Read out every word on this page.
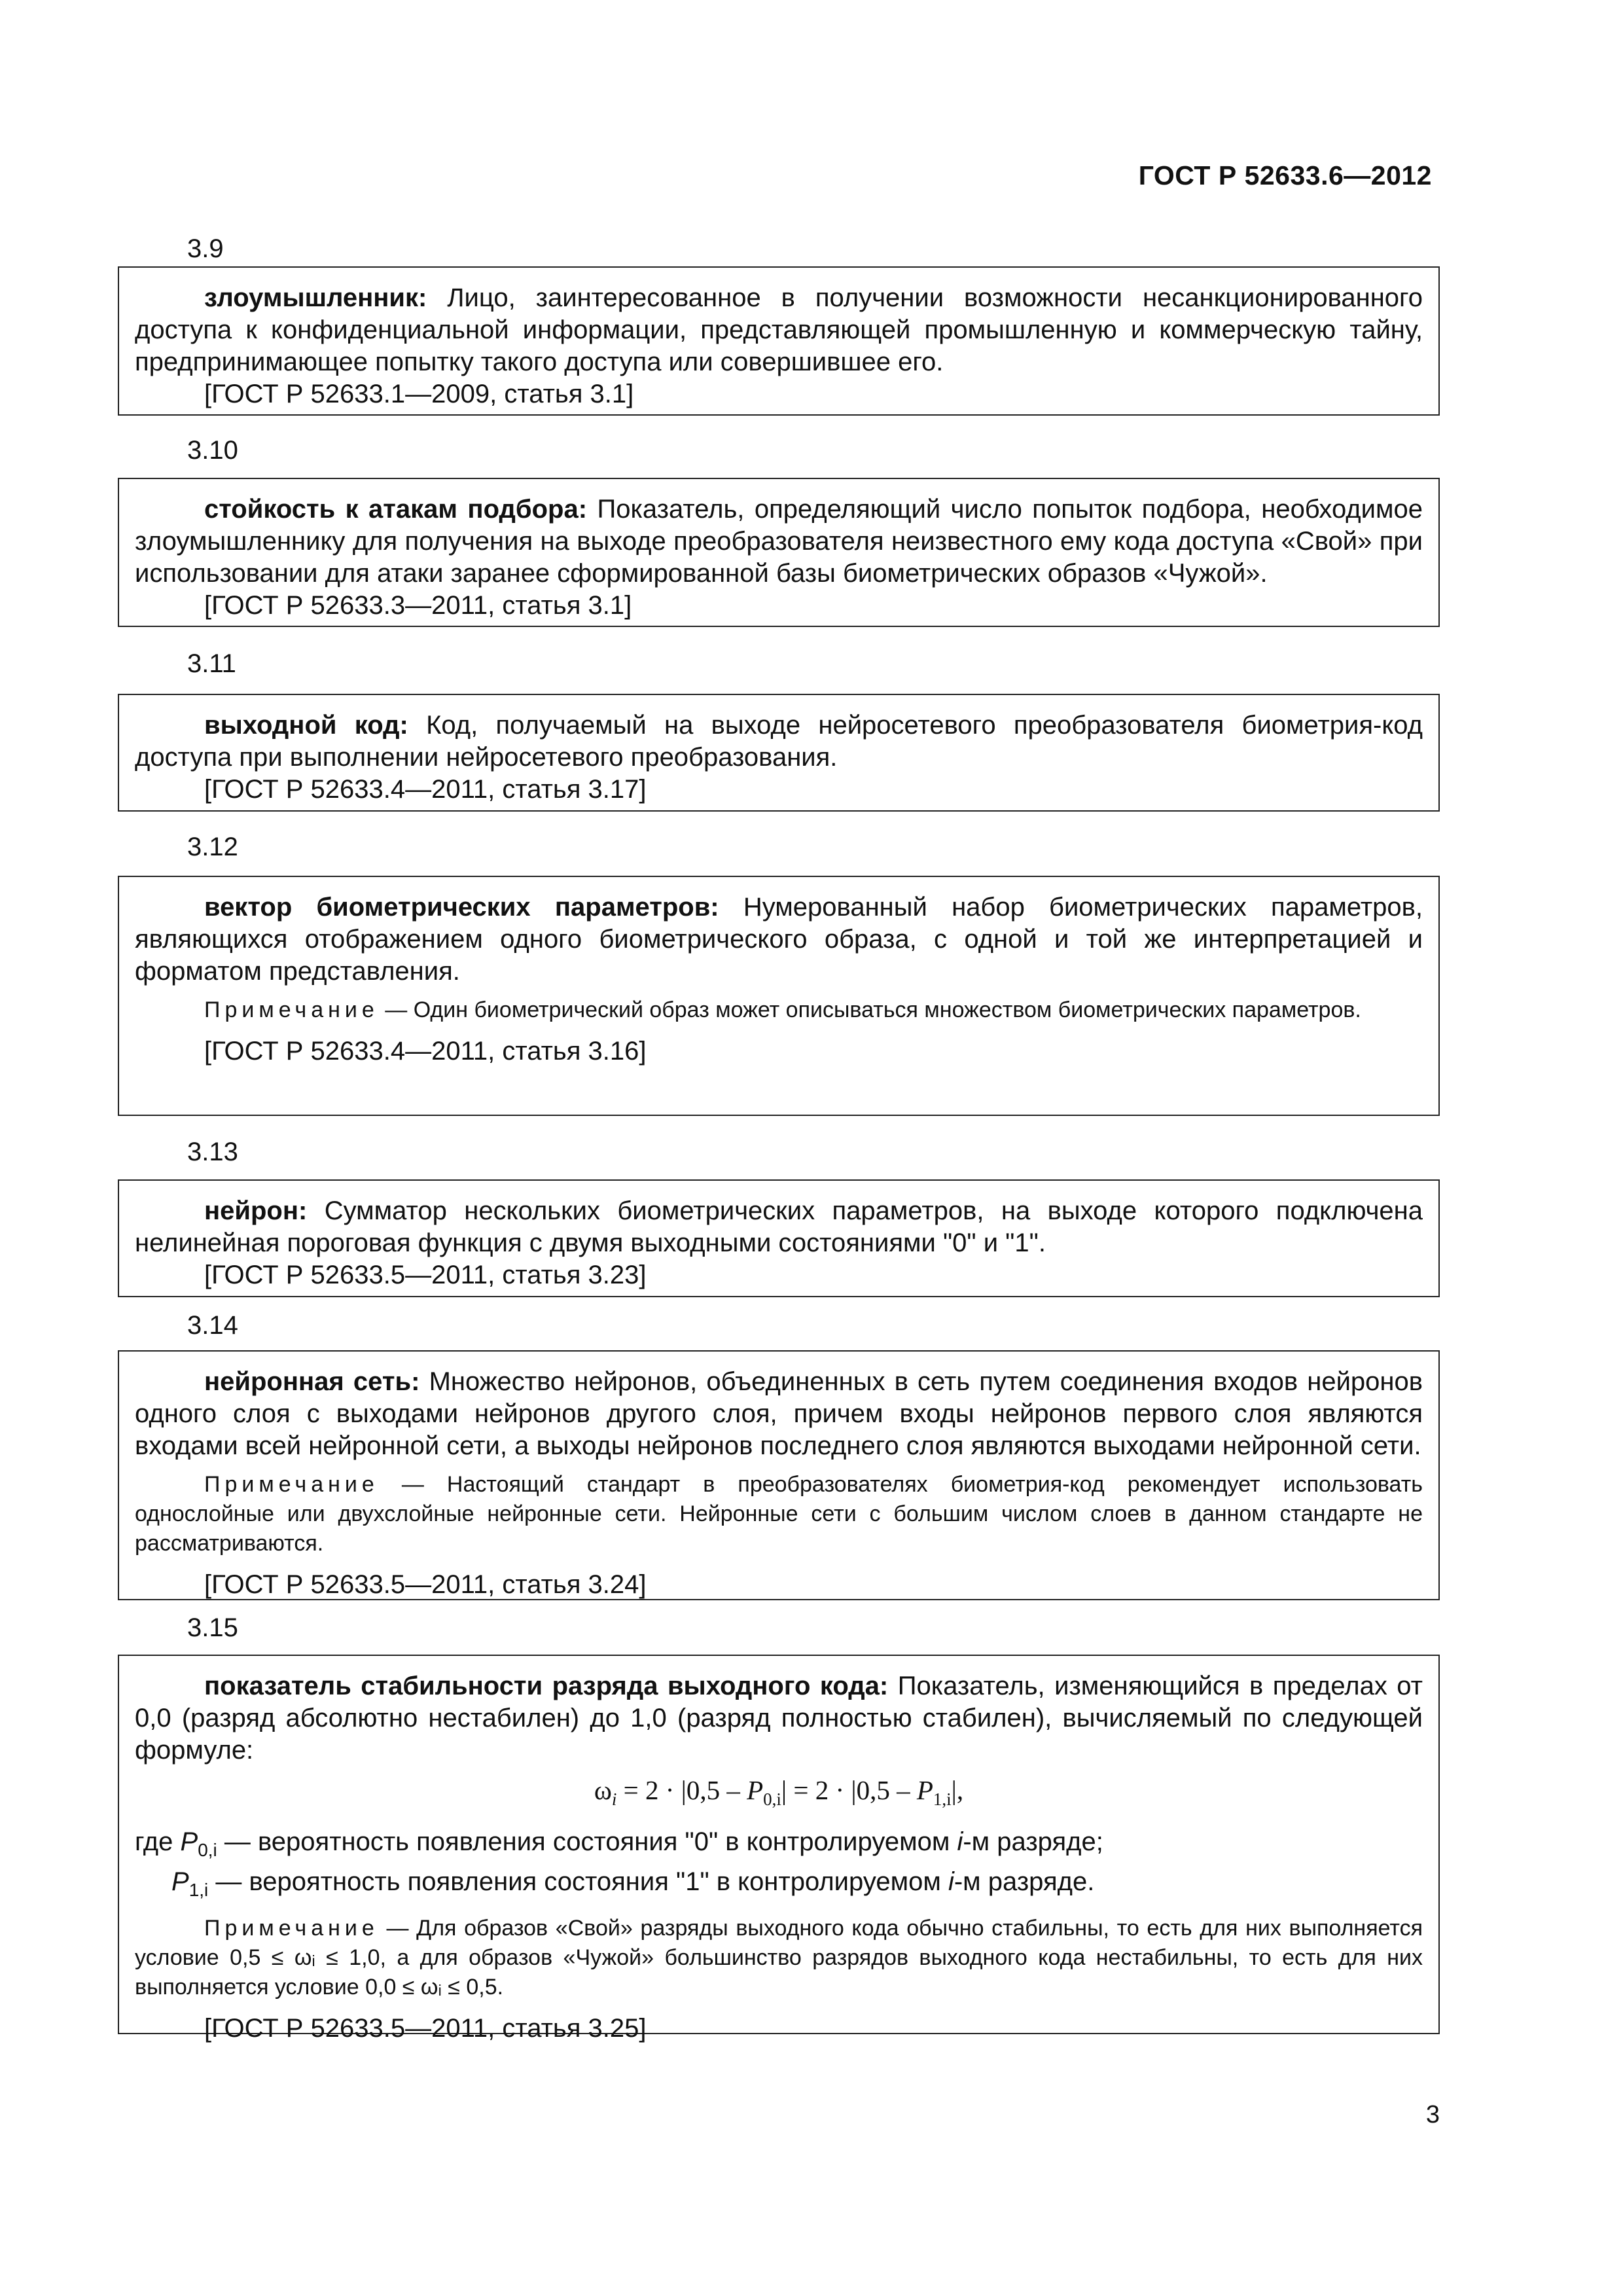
ГОСТ Р 52633.6—2012
3.9

злоумышленник: Лицо, заинтересованное в получении возможности несанкционированного доступа к конфиденциальной информации, представляющей промышленную и коммерческую тайну, предпринимающее попытку такого доступа или совершившее его.

[ГОСТ Р 52633.1—2009, статья 3.1]

3.10

стойкость к атакам подбора: Показатель, определяющий число попыток подбора, необходимое злоумышленнику для получения на выходе преобразователя неизвестного ему кода доступа «Свой» при использовании для атаки заранее сформированной базы биометрических образов «Чужой».

[ГОСТ Р 52633.3—2011, статья 3.1]

3.11

выходной код: Код, получаемый на выходе нейросетевого преобразователя биометрия-код доступа при выполнении нейросетевого преобразования.

[ГОСТ Р 52633.4—2011, статья 3.17]

3.12

вектор биометрических параметров: Нумерованный набор биометрических параметров, являющихся отображением одного биометрического образа, с одной и той же интерпретацией и форматом представления.

Примечание — Один биометрический образ может описываться множеством биометрических параметров.

[ГОСТ Р 52633.4—2011, статья 3.16]

3.13

нейрон: Сумматор нескольких биометрических параметров, на выходе которого подключена нелинейная пороговая функция с двумя выходными состояниями "0" и "1".

[ГОСТ Р 52633.5—2011, статья 3.23]

3.14

нейронная сеть: Множество нейронов, объединенных в сеть путем соединения входов нейронов одного слоя с выходами нейронов другого слоя, причем входы нейронов первого слоя являются входами всей нейронной сети, а выходы нейронов последнего слоя являются выходами нейронной сети.

Примечание — Настоящий стандарт в преобразователях биометрия-код рекомендует использовать однослойные или двухслойные нейронные сети. Нейронные сети с большим числом слоев в данном стандарте не рассматриваются.

[ГОСТ Р 52633.5—2011, статья 3.24]

3.15

показатель стабильности разряда выходного кода: Показатель, изменяющийся в пределах от 0,0 (разряд абсолютно нестабилен) до 1,0 (разряд полностью стабилен), вычисляемый по следующей формуле:

$\omega_i = 2 \cdot |0,5 - P_{0,i}| = 2 \cdot |0,5 - P_{1,i}|$,

где $P_{0,i}$ — вероятность появления состояния "0" в контролируемом i-м разряде;

$P_{1,i}$ — вероятность появления состояния "1" в контролируемом i-м разряде.

Примечание — Для образов «Свой» разряды выходного кода обычно стабильны, то есть для них выполняется условие 0,5 ≤ ωᵢ ≤ 1,0, а для образов «Чужой» большинство разрядов выходного кода нестабильны, то есть для них выполняется условие 0,0 ≤ ωᵢ ≤ 0,5.

[ГОСТ Р 52633.5—2011, статья 3.25]

3
